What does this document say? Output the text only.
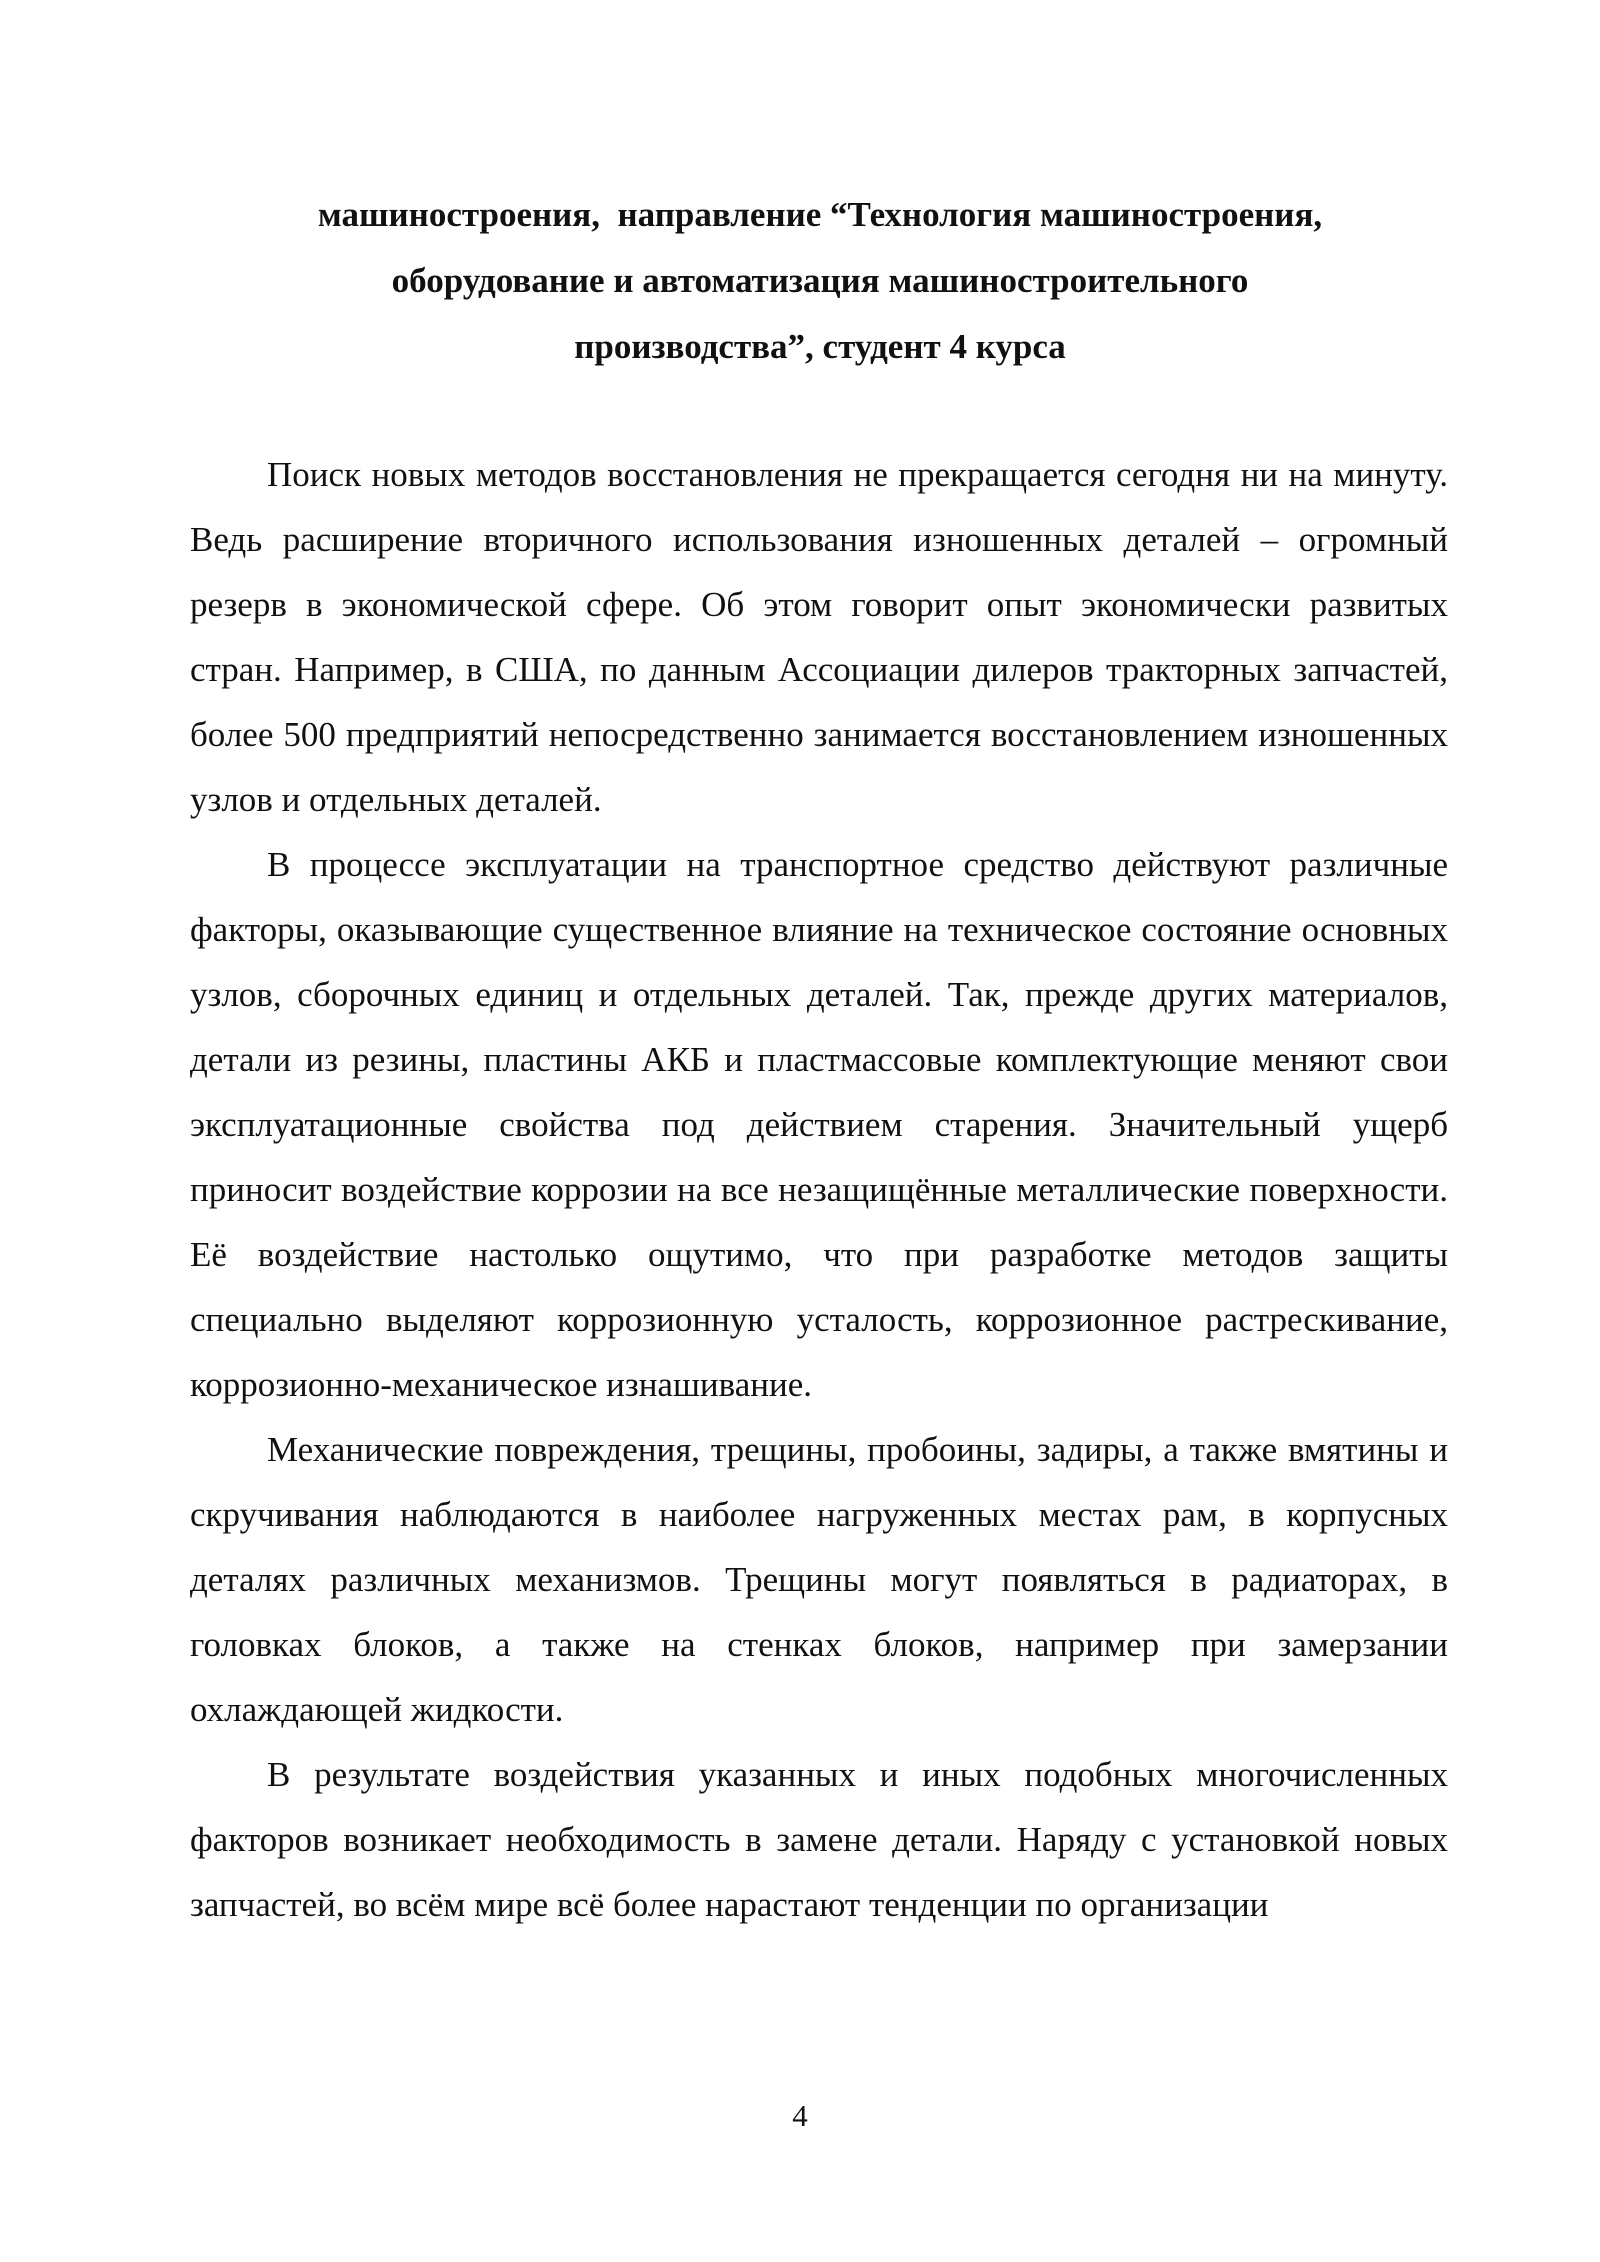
машиностроения,  направление “Технология машиностроения,
оборудование и автоматизация машиностроительного
производства”, студент 4 курса

Поиск новых методов восстановления не прекращается сегодня ни на минуту. Ведь расширение вторичного использования изношенных деталей – огромный резерв в экономической сфере. Об этом говорит опыт экономически развитых стран. Например, в США, по данным Ассоциации дилеров тракторных запчастей, более 500 предприятий непосредственно занимается восстановлением изношенных узлов и отдельных деталей.

В процессе эксплуатации на транспортное средство действуют различные факторы, оказывающие существенное влияние на техническое состояние основных узлов, сборочных единиц и отдельных деталей. Так, прежде других материалов, детали из резины, пластины АКБ и пластмассовые комплектующие меняют свои эксплуатационные свойства под действием старения. Значительный ущерб приносит воздействие коррозии на все незащищённые металлические поверхности. Её воздействие настолько ощутимо, что при разработке методов защиты специально выделяют коррозионную усталость, коррозионное растрескивание, коррозионно-механическое изнашивание.

Механические повреждения, трещины, пробоины, задиры, а также вмятины и скручивания наблюдаются в наиболее нагруженных местах рам, в корпусных деталях различных механизмов. Трещины могут появляться в радиаторах, в головках блоков, а также на стенках блоков, например при замерзании охлаждающей жидкости.

В результате воздействия указанных и иных подобных многочисленных факторов возникает необходимость в замене детали. Наряду с установкой новых запчастей, во всём мире всё более нарастают тенденции по организации

4
